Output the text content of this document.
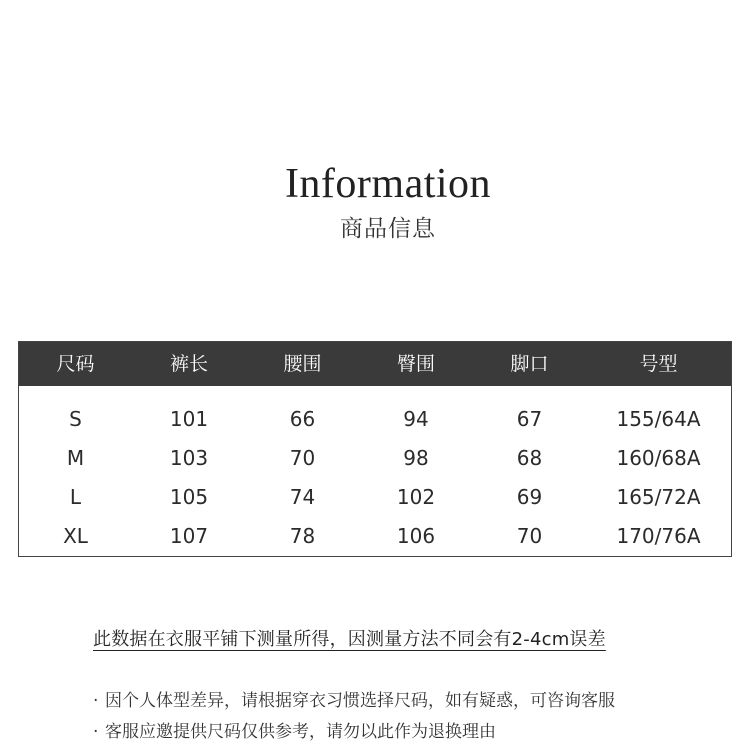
Information
商品信息
尺码	裤长	腰围	臀围	脚口	号型
S	101	66	94	67	155/64A
M	103	70	98	68	160/68A
L	105	74	102	69	165/72A
XL	107	78	106	70	170/76A
此数据在衣服平铺下测量所得，因测量方法不同会有2-4cm误差
· 因个人体型差异，请根据穿衣习惯选择尺码，如有疑惑，可咨询客服
· 客服应邀提供尺码仅供参考，请勿以此作为退换理由
